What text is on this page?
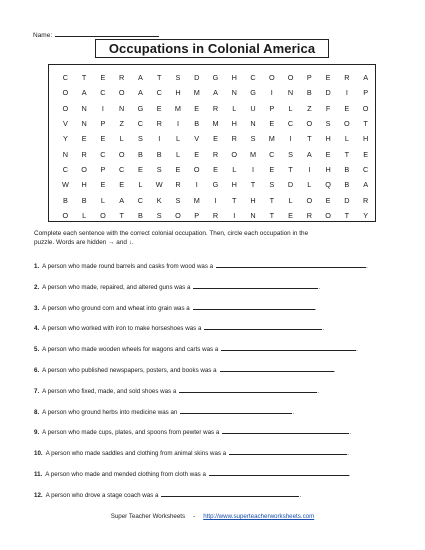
Name:
Occupations in Colonial America
C	T	E	R	A	T	S	D	G	H	C	O	O	P	E	R	A
O	A	C	O	A	C	H	M	A	N	G	I	N	B	D	I	P
O	N	I	N	G	E	M	E	R	L	U	P	L	Z	F	E	O
V	N	P	Z	C	R	I	B	M	H	N	E	C	O	S	O	T
Y	E	E	L	S	I	L	V	E	R	S	M	I	T	H	L	H
N	R	C	O	B	B	L	E	R	O	M	C	S	A	E	T	E
C	O	P	C	E	S	E	O	E	L	I	E	T	I	H	B	C
W	H	E	E	L	W	R	I	G	H	T	S	D	L	Q	B	A
B	B	L	A	C	K	S	M	I	T	H	T	L	O	E	D	R
O	L	O	T	B	S	O	P	R	I	N	T	E	R	O	T	Y
Complete each sentence with the correct colonial occupation. Then, circle each occupation in the
puzzle. Words are hidden → and ↓.
1. A person who made round barrels and casks from wood was a	.
2. A person who made, repaired, and altered guns was a	.
3. A person who ground corn and wheat into grain was a	.
4. A person who worked with iron to make horseshoes was a	.
5. A person who made wooden wheels for wagons and carts was a	.
6. A person who published newspapers, posters, and books was a	.
7. A person who fixed, made, and sold shoes was a	.
8. A person who ground herbs into medicine was an	.
9. A person who made cups, plates, and spoons from pewter was a	.
10. A person who made saddles and clothing from animal skins was a	.
11. A person who made and mended clothing from cloth was a	.
12. A person who drove a stage coach was a	.
Super Teacher Worksheets - http://www.superteacherworksheets.com
